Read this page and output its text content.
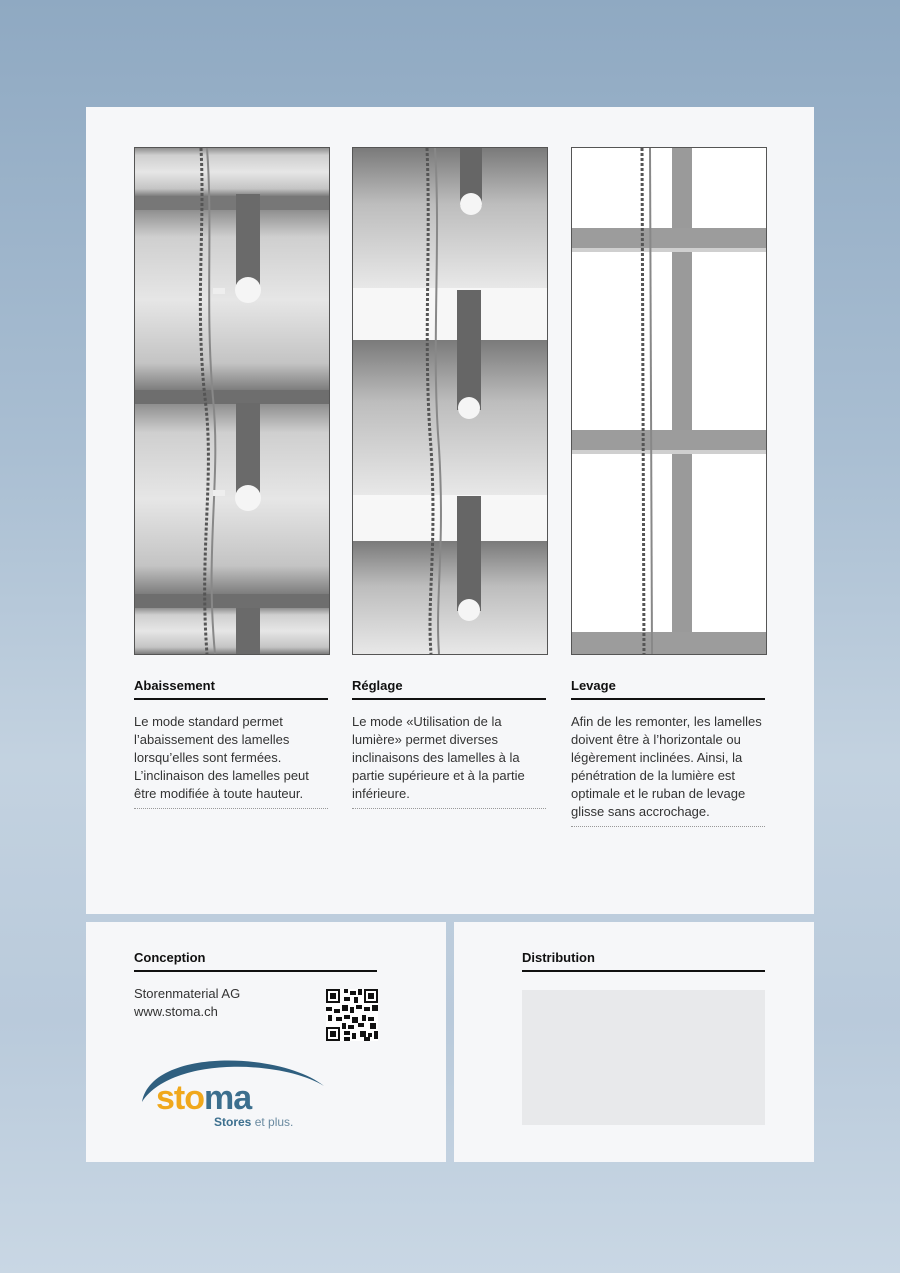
Abaissement
Le mode standard permet l’abaissement des lamelles lorsqu’elles sont fermées. L’inclinaison des lamelles peut être modifiée à toute hauteur.
Réglage
Le mode «Utilisation de la lumière» permet diverses inclinaisons des lamelles à la partie supérieure et à la partie inférieure.
Levage
Afin de les remonter, les lamelles doivent être à l’horizontale ou légèrement inclinées. Ainsi, la pénétration de la lumière est optimale et le ruban de levage glisse sans accrochage.
Conception
Storenmaterial AG
www.stoma.ch
stoma
Stores et plus.
Distribution
